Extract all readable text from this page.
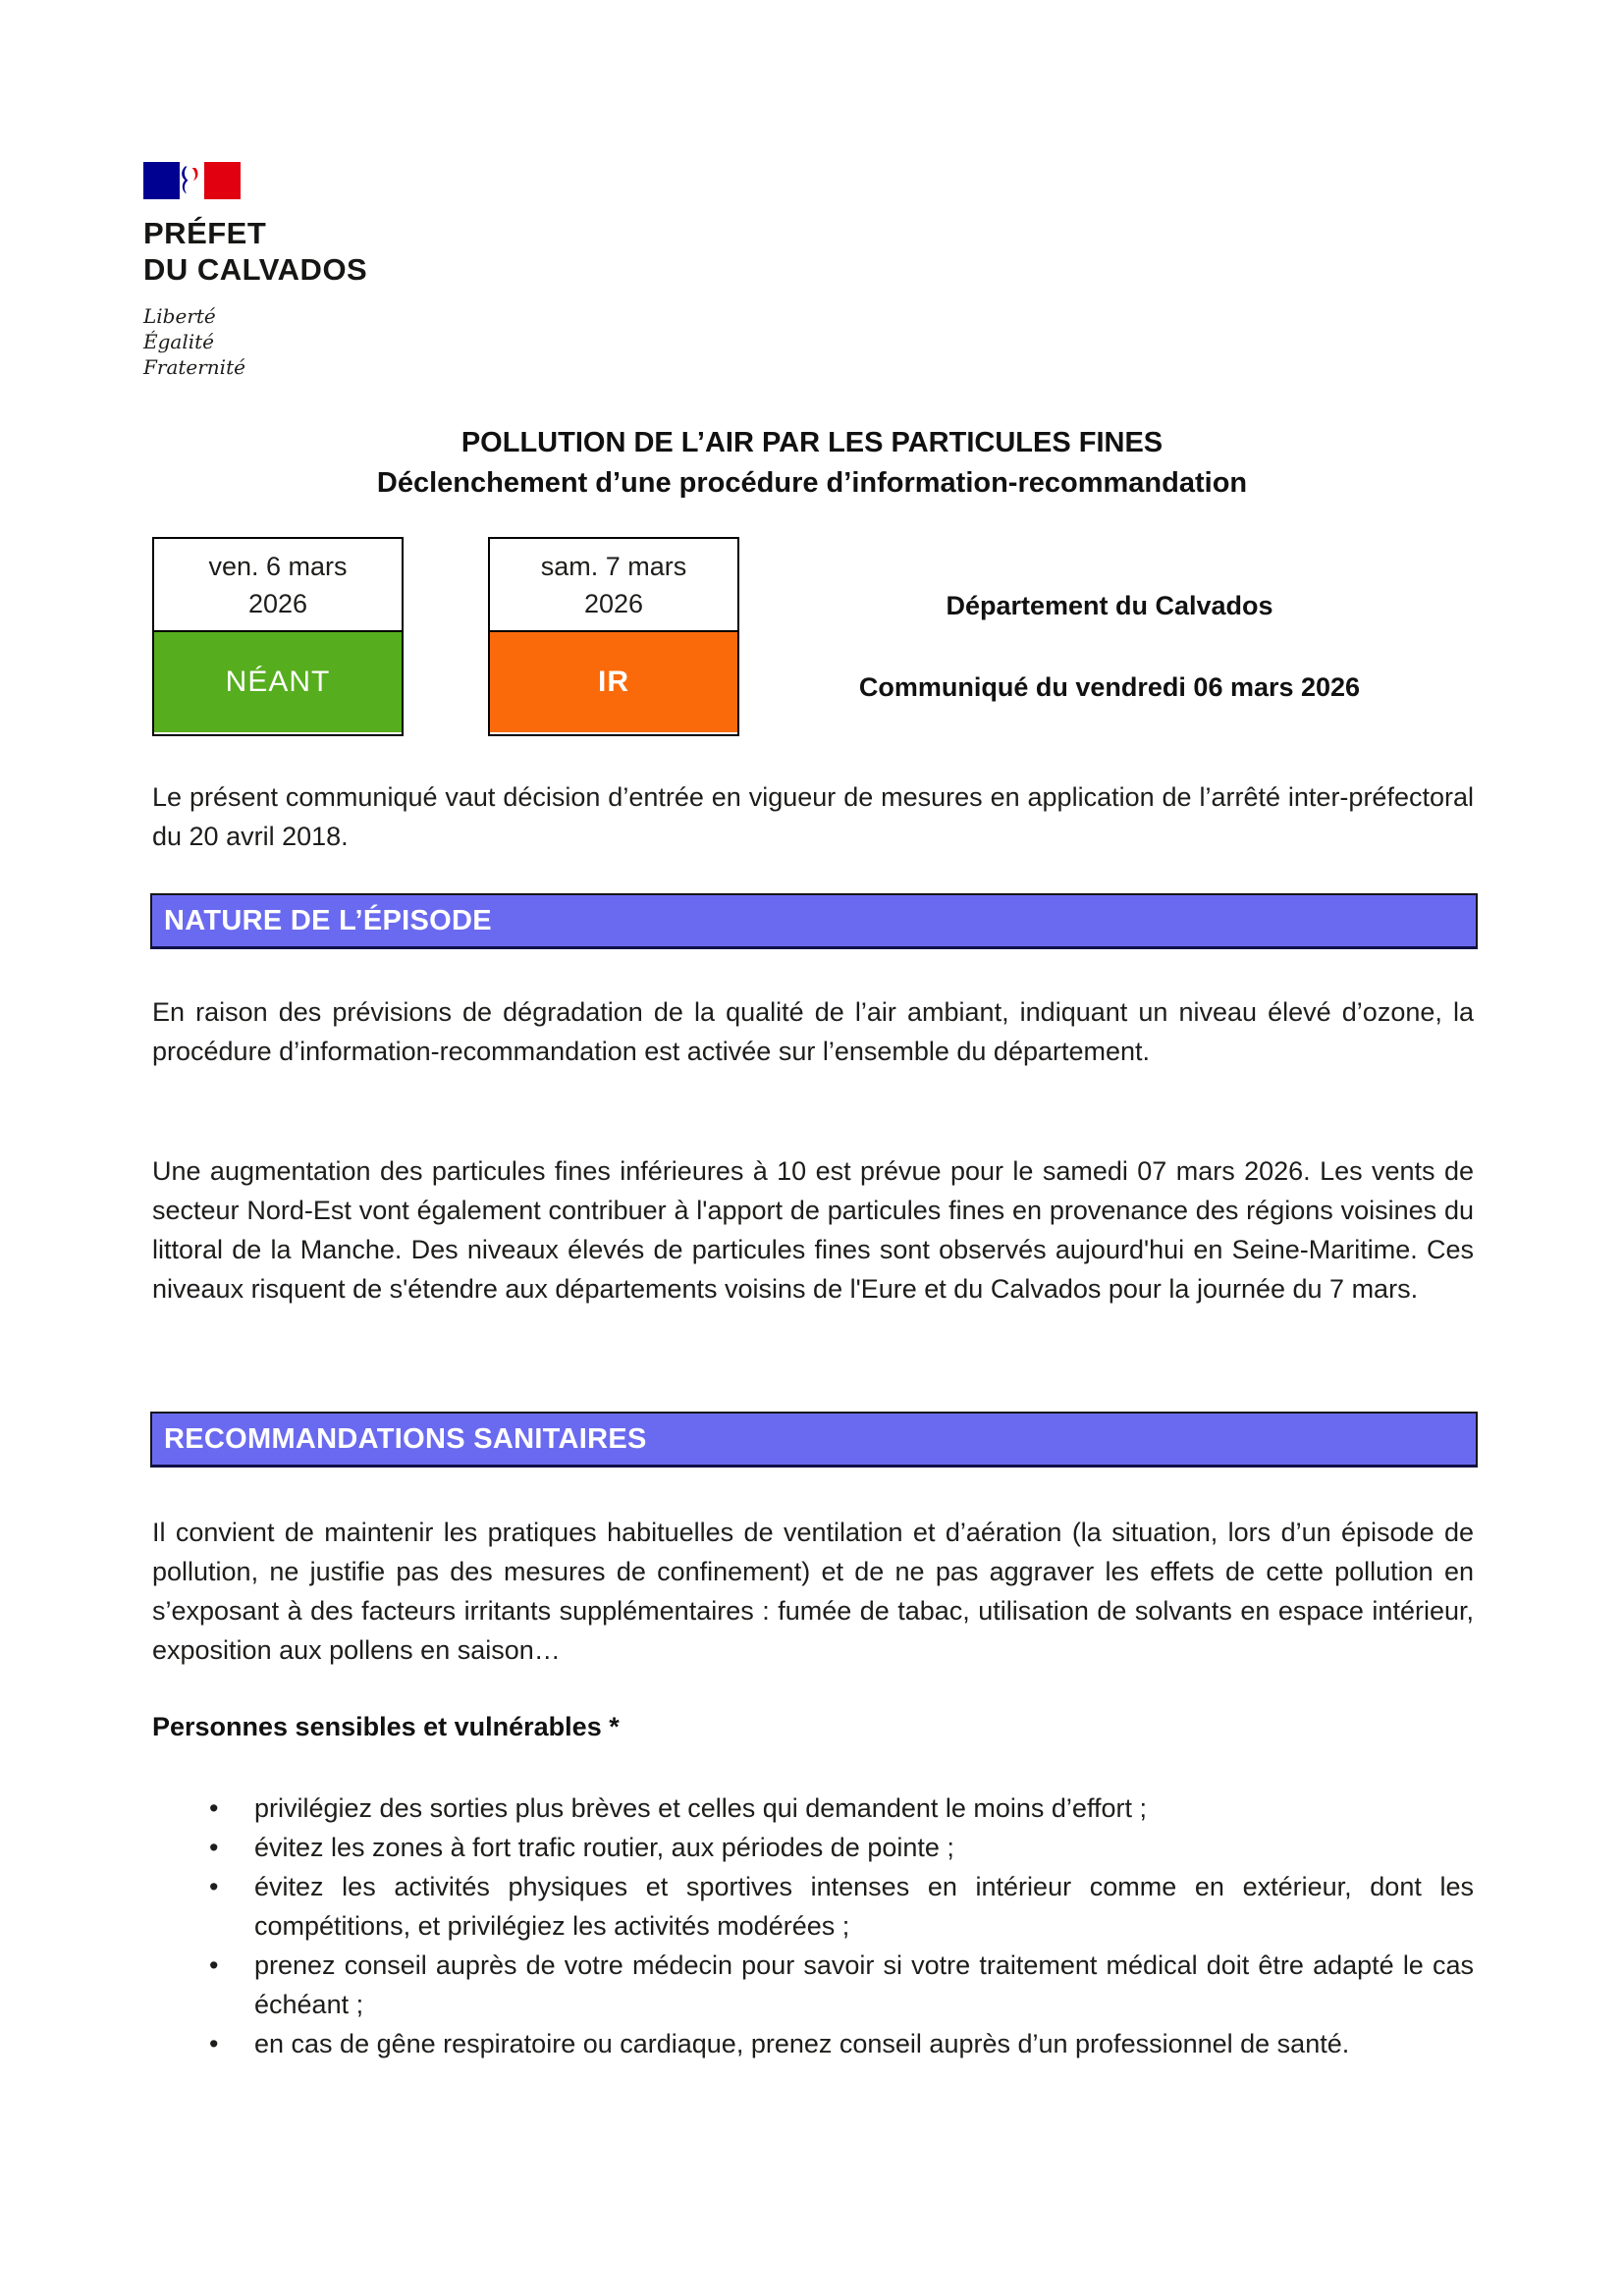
PRÉFET
DU CALVADOS
Liberté
Égalité
Fraternité
POLLUTION DE L’AIR PAR LES PARTICULES FINES
Déclenchement d’une procédure d’information-recommandation
ven. 6 mars
2026
NÉANT
sam. 7 mars
2026
IR
Département du Calvados
Communiqué du vendredi 06 mars 2026

Le présent communiqué vaut décision d’entrée en vigueur de mesures en application de l’arrêté inter-préfectoral du 20 avril 2018.

NATURE DE L’ÉPISODE

En raison des prévisions de dégradation de la qualité de l’air ambiant, indiquant un niveau élevé d’ozone, la procédure d’information-recommandation est activée sur l’ensemble du département.

Une augmentation des particules fines inférieures à 10 est prévue pour le samedi 07 mars 2026. Les vents de secteur Nord-Est vont également contribuer à l'apport de particules fines en provenance des régions voisines du littoral de la Manche. Des niveaux élevés de particules fines sont observés aujourd'hui en Seine-Maritime. Ces niveaux risquent de s'étendre aux départements voisins de l'Eure et du Calvados pour la journée du 7 mars.

RECOMMANDATIONS SANITAIRES

Il convient de maintenir les pratiques habituelles de ventilation et d’aération (la situation, lors d’un épisode de pollution, ne justifie pas des mesures de confinement) et de ne pas aggraver les effets de cette pollution en s’exposant à des facteurs irritants supplémentaires : fumée de tabac, utilisation de solvants en espace intérieur, exposition aux pollens en saison…

Personnes sensibles et vulnérables *
•	privilégiez des sorties plus brèves et celles qui demandent le moins d’effort ;
•	évitez les zones à fort trafic routier, aux périodes de pointe ;
•	évitez les activités physiques et sportives intenses en intérieur comme en extérieur, dont les compétitions, et privilégiez les activités modérées ;
•	prenez conseil auprès de votre médecin pour savoir si votre traitement médical doit être adapté le cas échéant ;
•	en cas de gêne respiratoire ou cardiaque, prenez conseil auprès d’un professionnel de santé.
